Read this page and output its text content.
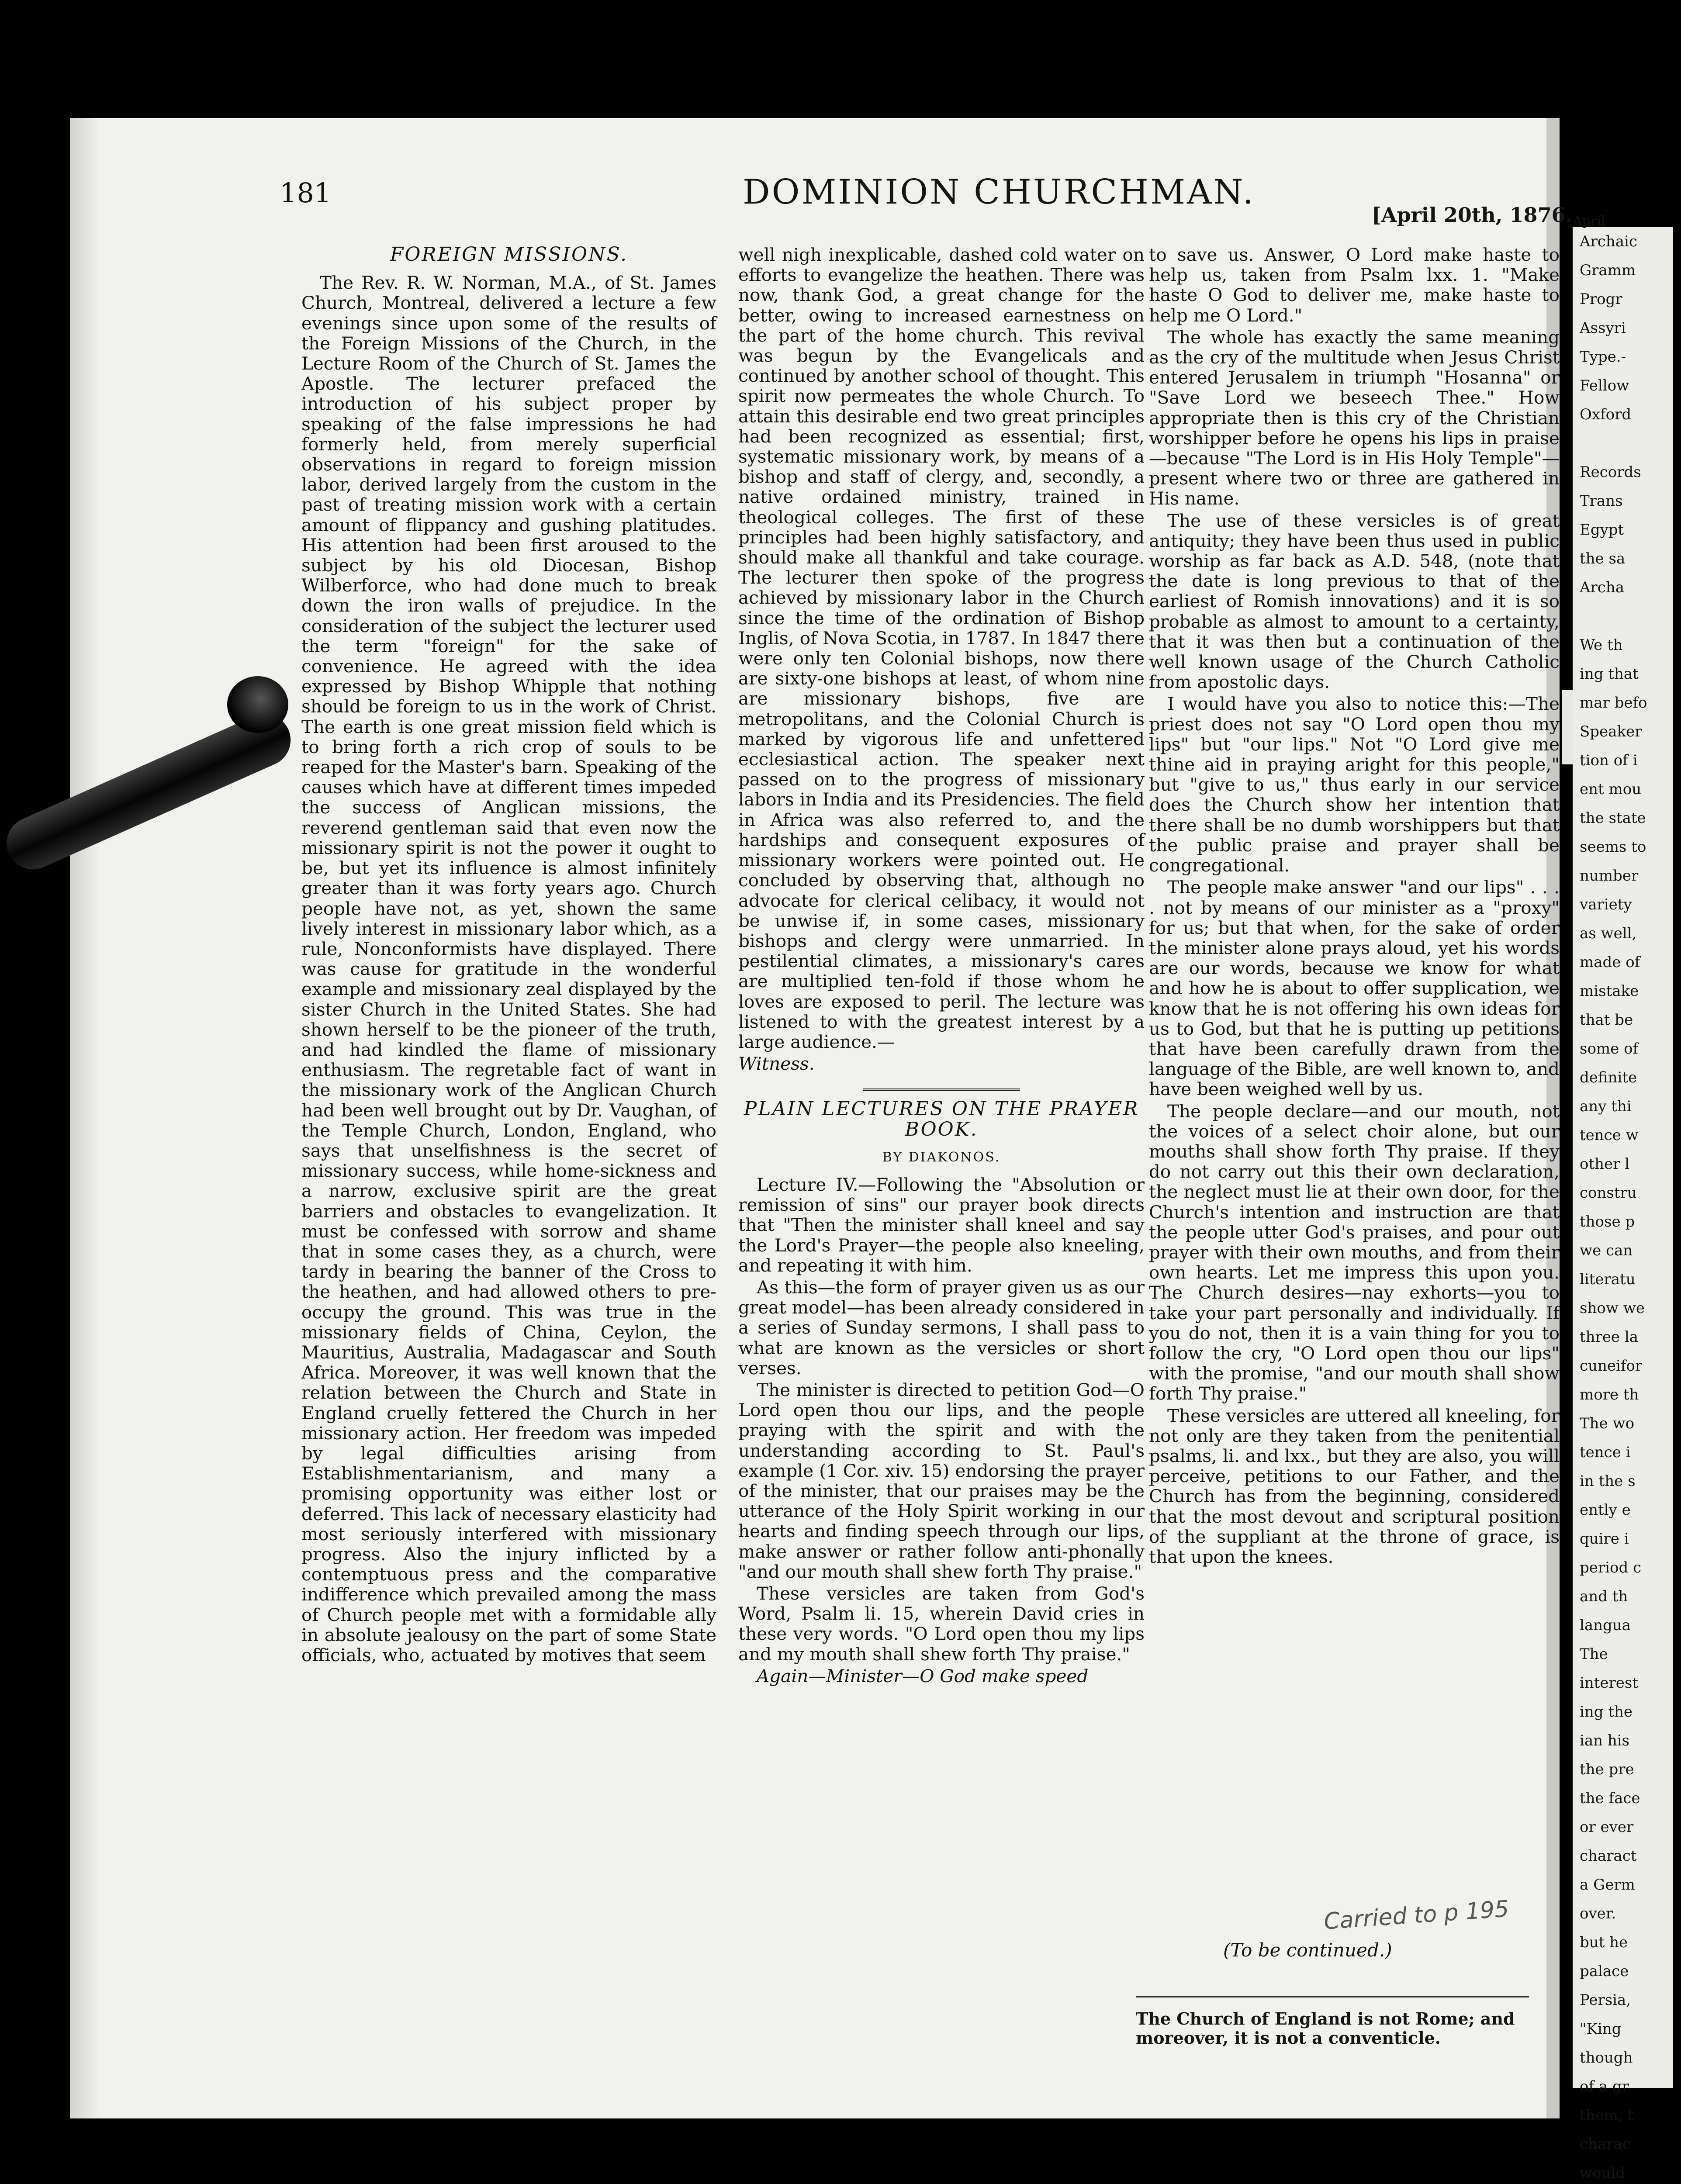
181	DOMINION CHURCHMAN.
[April 20th, 1876.
FOREIGN MISSIONS.

The Rev. R. W. Norman, M.A., of St. James Church, Montreal, delivered a lecture a few evenings since upon some of the results of the Foreign Missions of the Church, in the Lecture Room of the Church of St. James the Apostle. The lecturer prefaced the introduction of his subject proper by speaking of the false impressions he had formerly held, from merely superficial observations in regard to foreign mission labor, derived largely from the custom in the past of treating mission work with a certain amount of flippancy and gushing platitudes. His attention had been first aroused to the subject by his old Diocesan, Bishop Wilberforce, who had done much to break down the iron walls of prejudice. In the consideration of the subject the lecturer used the term "foreign" for the sake of convenience. He agreed with the idea expressed by Bishop Whipple that nothing should be foreign to us in the work of Christ. The earth is one great mission field which is to bring forth a rich crop of souls to be reaped for the Master's barn. Speaking of the causes which have at different times impeded the success of Anglican missions, the reverend gentleman said that even now the missionary spirit is not the power it ought to be, but yet its influence is almost infinitely greater than it was forty years ago. Church people have not, as yet, shown the same lively interest in missionary labor which, as a rule, Nonconformists have displayed. There was cause for gratitude in the wonderful example and missionary zeal displayed by the sister Church in the United States. She had shown herself to be the pioneer of the truth, and had kindled the flame of missionary enthusiasm. The regretable fact of want in the missionary work of the Anglican Church had been well brought out by Dr. Vaughan, of the Temple Church, London, England, who says that unselfishness is the secret of missionary success, while home-sickness and a narrow, exclusive spirit are the great barriers and obstacles to evangelization. It must be confessed with sorrow and shame that in some cases they, as a church, were tardy in bearing the banner of the Cross to the heathen, and had allowed others to pre-occupy the ground. This was true in the missionary fields of China, Ceylon, the Mauritius, Australia, Madagascar and South Africa. Moreover, it was well known that the relation between the Church and State in England cruelly fettered the Church in her missionary action. Her freedom was impeded by legal difficulties arising from Establishmentarianism, and many a promising opportunity was either lost or deferred. This lack of necessary elasticity had most seriously interfered with missionary progress. Also the injury inflicted by a contemptuous press and the comparative indifference which prevailed among the mass of Church people met with a formidable ally in absolute jealousy on the part of some State officials, who, actuated by motives that seem

well nigh inexplicable, dashed cold water on efforts to evangelize the heathen. There was now, thank God, a great change for the better, owing to increased earnestness on the part of the home church. This revival was begun by the Evangelicals and continued by another school of thought. This spirit now permeates the whole Church. To attain this desirable end two great principles had been recognized as essential; first, systematic missionary work, by means of a bishop and staff of clergy, and, secondly, a native ordained ministry, trained in theological colleges. The first of these principles had been highly satisfactory, and should make all thankful and take courage. The lecturer then spoke of the progress achieved by missionary labor in the Church since the time of the ordination of Bishop Inglis, of Nova Scotia, in 1787. In 1847 there were only ten Colonial bishops, now there are sixty-one bishops at least, of whom nine are missionary bishops, five are metropolitans, and the Colonial Church is marked by vigorous life and unfettered ecclesiastical action. The speaker next passed on to the progress of missionary labors in India and its Presidencies. The field in Africa was also referred to, and the hardships and consequent exposures of missionary workers were pointed out. He concluded by observing that, although no advocate for clerical celibacy, it would not be unwise if, in some cases, missionary bishops and clergy were unmarried. In pestilential climates, a missionary's cares are multiplied ten-fold if those whom he loves are exposed to peril. The lecture was listened to with the greatest interest by a large audience.—

Witness.

PLAIN LECTURES ON THE PRAYER BOOK.
BY DIAKONOS.

Lecture IV.—Following the "Absolution or remission of sins" our prayer book directs that "Then the minister shall kneel and say the Lord's Prayer—the people also kneeling, and repeating it with him.

As this—the form of prayer given us as our great model—has been already considered in a series of Sunday sermons, I shall pass to what are known as the versicles or short verses.

The minister is directed to petition God—O Lord open thou our lips, and the people praying with the spirit and with the understanding according to St. Paul's example (1 Cor. xiv. 15) endorsing the prayer of the minister, that our praises may be the utterance of the Holy Spirit working in our hearts and finding speech through our lips, make answer or rather follow anti-phonally "and our mouth shall shew forth Thy praise."

These versicles are taken from God's Word, Psalm li. 15, wherein David cries in these very words. "O Lord open thou my lips and my mouth shall shew forth Thy praise."

Again—Minister—O God make speed

to save us. Answer, O Lord make haste to help us, taken from Psalm lxx. 1. "Make haste O God to deliver me, make haste to help me O Lord."

The whole has exactly the same meaning as the cry of the multitude when Jesus Christ entered Jerusalem in triumph "Hosanna" or "Save Lord we beseech Thee." How appropriate then is this cry of the Christian worshipper before he opens his lips in praise—because "The Lord is in His Holy Temple"—present where two or three are gathered in His name.

The use of these versicles is of great antiquity; they have been thus used in public worship as far back as A.D. 548, (note that the date is long previous to that of the earliest of Romish innovations) and it is so probable as almost to amount to a certainty, that it was then but a continuation of the well known usage of the Church Catholic from apostolic days.

I would have you also to notice this:—The priest does not say "O Lord open thou my lips" but "our lips." Not "O Lord give me thine aid in praying aright for this people," but "give to us," thus early in our service does the Church show her intention that there shall be no dumb worshippers but that the public praise and prayer shall be congregational.

The people make answer "and our lips" . . . . not by means of our minister as a "proxy" for us; but that when, for the sake of order the minister alone prays aloud, yet his words are our words, because we know for what and how he is about to offer supplication, we know that he is not offering his own ideas for us to God, but that he is putting up petitions that have been carefully drawn from the language of the Bible, are well known to, and have been weighed well by us.

The people declare—and our mouth, not the voices of a select choir alone, but our mouths shall show forth Thy praise. If they do not carry out this their own declaration, the neglect must lie at their own door, for the Church's intention and instruction are that the people utter God's praises, and pour out prayer with their own mouths, and from their own hearts. Let me impress this upon you. The Church desires—nay exhorts—you to take your part personally and individually. If you do not, then it is a vain thing for you to follow the cry, "O Lord open thou our lips" with the promise, "and our mouth shall show forth Thy praise."

These versicles are uttered all kneeling, for not only are they taken from the penitential psalms, li. and lxx., but they are also, you will perceive, petitions to our Father, and the Church has from the beginning, considered that the most devout and scriptural position of the suppliant at the throne of grace, is that upon the knees.

Carried to p 195
(To be continued.)
The Church of England is not Rome; and moreover, it is not a conventicle.
April
Archaic
Gramm
Progr
Assyri
Type.-
Fellow
Oxford

Records
Trans
Egypt
the sa
Archa

We th
ing that
mar befo
Speaker
tion of i
ent mou
the state
seems to
number
variety
as well,
made of
mistake
that be
some of
definite
any thi
tence w
other l
constru
those p
we can
literatu
show we
three la
cuneifor
more th
The wo
tence i
in the s
ently e
quire i
period c
and th
langua
The
interest
ing the
ian his
the pre
the face
or ever
charact
a Germ
over.
but he
palace
Persia,
"King
though
of a gr
them, t
charac
would
